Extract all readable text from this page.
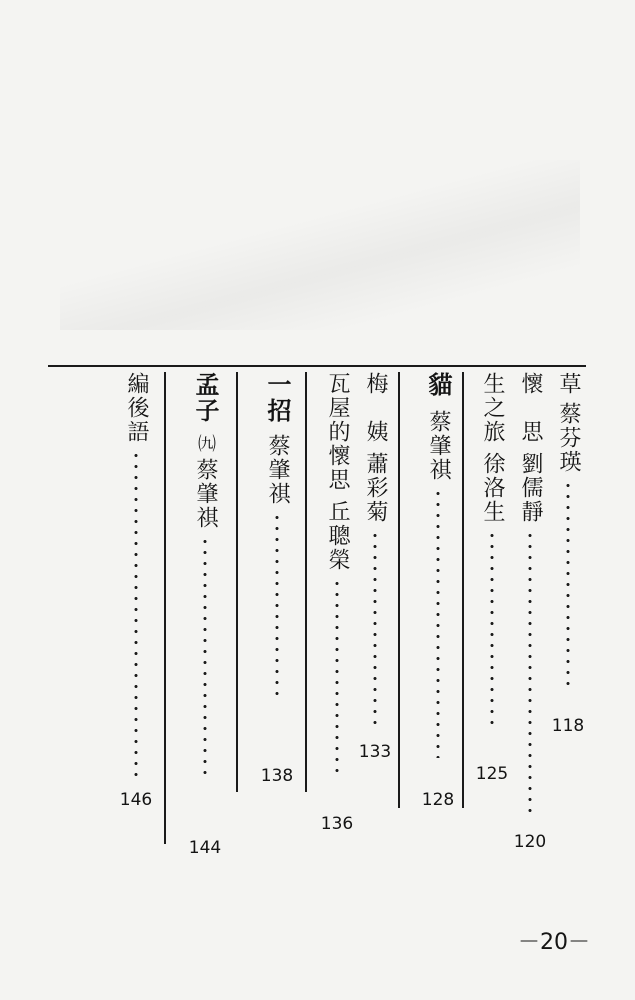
草
蔡芬瑛
118
懷　思
劉儒靜
120
生之旅
徐洛生
125
貓
蔡肇祺
128
梅　姨
蕭彩菊
133
瓦屋的懷思
丘聰榮
136
一招
蔡肇祺
138
孟子
㈨
蔡肇祺
144
編後語
146
－20－
